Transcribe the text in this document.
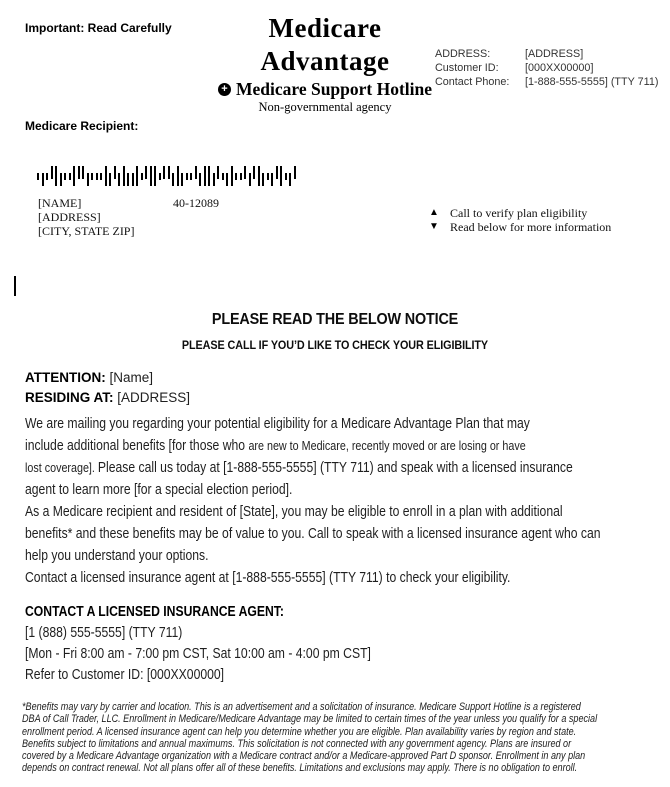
Important: Read Carefully	Medicare
Advantage
+ Medicare Support Hotline
Non-governmental agency
ADDRESS:	[ADDRESS]
Customer ID:	[000XX00000]
Contact Phone:	[1-888-555-5555] (TTY 711)
Medicare Recipient:
[NAME]
[ADDRESS]
[CITY, STATE ZIP]
40-12089
▲ Call to verify plan eligibility
▼ Read below for more information
PLEASE READ THE BELOW NOTICE
PLEASE CALL IF YOU’D LIKE TO CHECK YOUR ELIGIBILITY
ATTENTION: [Name]
RESIDING AT: [ADDRESS]
We are mailing you regarding your potential eligibility for a Medicare Advantage Plan that may
include additional benefits [for those who are new to Medicare, recently moved or are losing or have
lost coverage]. Please call us today at [1-888-555-5555] (TTY 711) and speak with a licensed insurance
agent to learn more [for a special election period].
As a Medicare recipient and resident of [State], you may be eligible to enroll in a plan with additional
benefits* and these benefits may be of value to you. Call to speak with a licensed insurance agent who can
help you understand your options.
Contact a licensed insurance agent at [1-888-555-5555] (TTY 711) to check your eligibility.
CONTACT A LICENSED INSURANCE AGENT:
[1 (888) 555-5555] (TTY 711)
[Mon - Fri 8:00 am - 7:00 pm CST, Sat 10:00 am - 4:00 pm CST]
Refer to Customer ID: [000XX00000]
*Benefits may vary by carrier and location. This is an advertisement and a solicitation of insurance. Medicare Support Hotline is a registered
DBA of Call Trader, LLC. Enrollment in Medicare/Medicare Advantage may be limited to certain times of the year unless you qualify for a special
enrollment period. A licensed insurance agent can help you determine whether you are eligible. Plan availability varies by region and state.
Benefits subject to limitations and annual maximums. This solicitation is not connected with any government agency. Plans are insured or
covered by a Medicare Advantage organization with a Medicare contract and/or a Medicare-approved Part D sponsor. Enrollment in any plan
depends on contract renewal. Not all plans offer all of these benefits. Limitations and exclusions may apply. There is no obligation to enroll.
